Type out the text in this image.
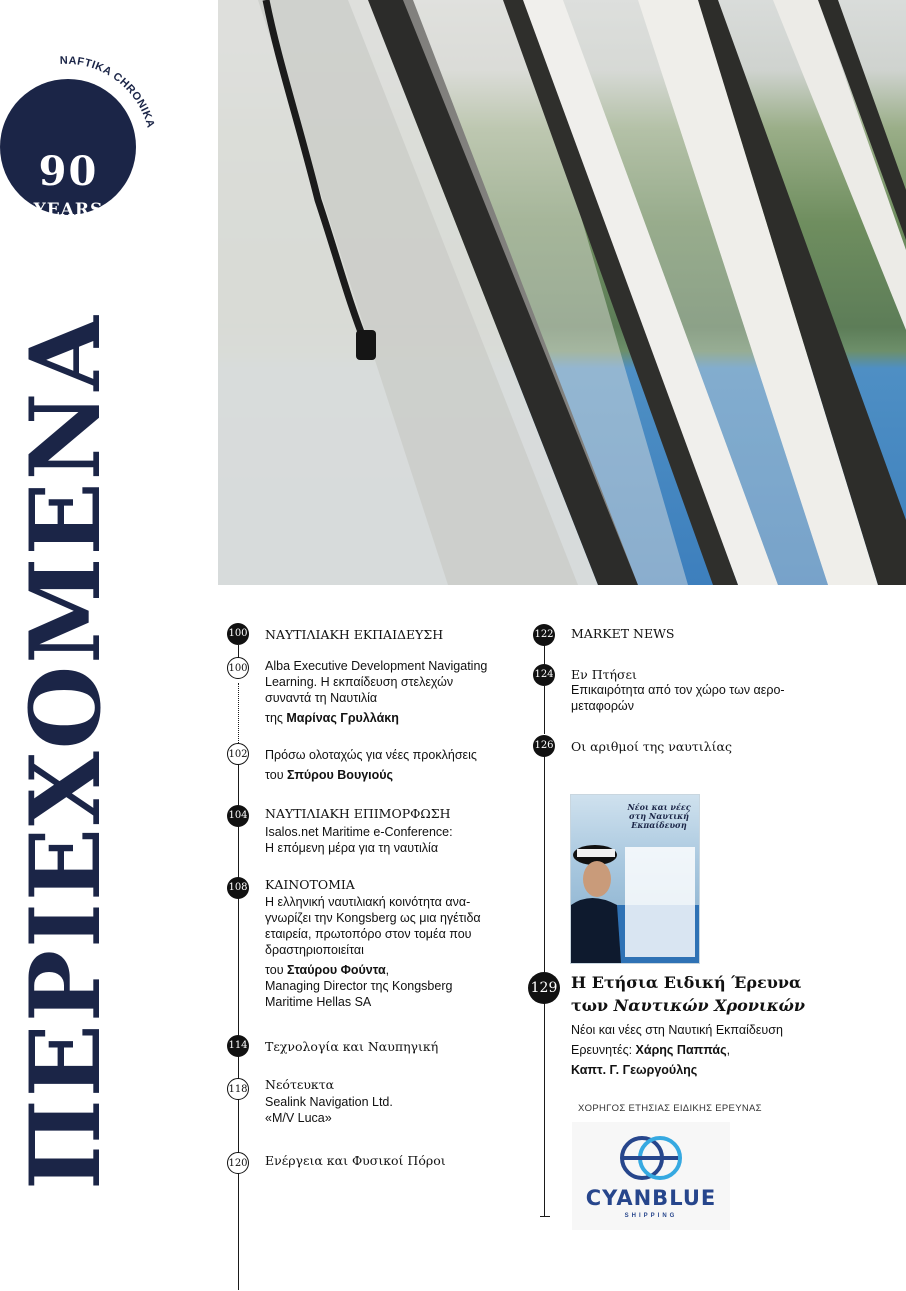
NAFTIKA CHRONIKA
90
YEARS
we keep on sailing
ΠΕΡΙΕΧΟΜΕΝΑ	100 ΝΑΥΤΙΛΙΑΚΗ ΕΚΠΑΙΔΕΥΣΗ
100 Alba Executive Development Navigating
Learning. Η εκπαίδευση στελεχών
συναντά τη Ναυτιλία
της Μαρίνας Γρυλλάκη
102 Πρόσω ολοταχώς για νέες προκλήσεις
του Σπύρου Βουγιούς
104 ΝΑΥΤΙΛΙΑΚΗ ΕΠΙΜΟΡΦΩΣΗ
Isalos.net Maritime e-Conference:
Η επόμενη μέρα για τη ναυτιλία
108 ΚΑΙΝΟΤΟΜΙΑ
Η ελληνική ναυτιλιακή κοινότητα ανα-
γνωρίζει την Kongsberg ως μια ηγέτιδα
εταιρεία, πρωτοπόρο στον τομέα που
δραστηριοποιείται
του Σταύρου Φούντα,
Managing Director της Kongsberg
Maritime Hellas SA
114 Τεχνολογία και Ναυπηγική
118 Νεότευκτα
Sealink Navigation Ltd.
«M/V Luca»
120 Ενέργεια και Φυσικοί Πόροι
122 MARKET NEWS
124 Εν Πτήσει
Επικαιρότητα από τον χώρο των αερο-
μεταφορών
126 Οι αριθμοί της ναυτιλίας
Νέοι και νέες στη Ναυτική Εκπαίδευση
129 Η Ετήσια Ειδική Έρευνα
των Ναυτικών Χρονικών
Νέοι και νέες στη Ναυτική Εκπαίδευση
Ερευνητές: Χάρης Παππάς,
Καπτ. Γ. Γεωργούλης
ΧΟΡΗΓΟΣ ΕΤΗΣΙΑΣ ΕΙΔΙΚΗΣ ΕΡΕΥΝΑΣ
CYANBLUE
SHIPPING
